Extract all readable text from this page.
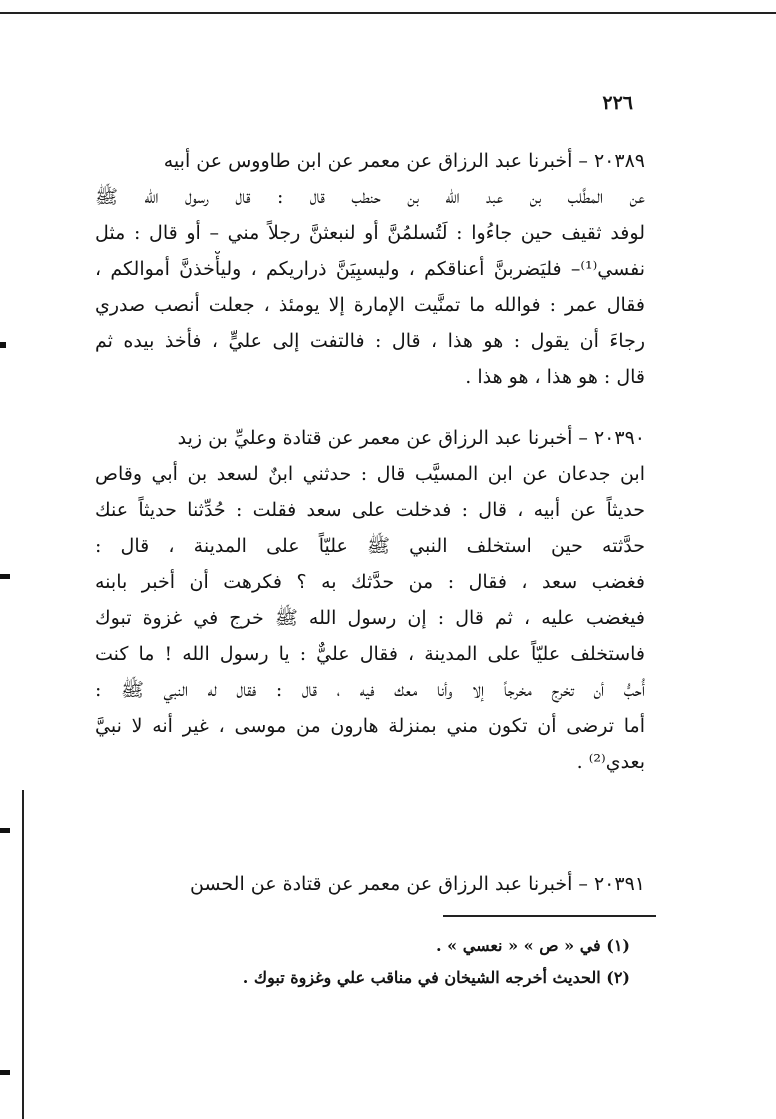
٢٢٦
٢٠٣٨٩ – أخبرنا عبد الرزاق عن معمر عن ابن طاووس عن أبيه
عن المطَّلب بن عبد الله بن حنطب قال : قال رسول الله ﷺ
لوفد ثقيف حين جاءُوا : لَتُسلمُنَّ أو لنبعثنَّ رجلاً مني – أو قال : مثل
نفسي⁽¹⁾– فليَضربنَّ أعناقكم ، وليسبِيَنَّ ذراريكم ، وليأْخذنَّ أموالكم ،
فقال عمر : فوالله ما تمنَّيت الإمارة إلا يومئذ ، جعلت أنصب صدري
رجاءَ أن يقول : هو هذا ، قال : فالتفت إلى عليٍّ ، فأخذ بيده ثم
قال : هو هذا ، هو هذا .
٢٠٣٩٠ – أخبرنا عبد الرزاق عن معمر عن قتادة وعليِّ بن زيد
ابن جدعان عن ابن المسيَّب قال : حدثني ابنٌ لسعد بن أبي وقاص
حديثاً عن أبيه ، قال : فدخلت على سعد فقلت : حُدِّثنا حديثاً عنك
حدَّثته حين استخلف النبي ﷺ عليّاً على المدينة ، قال :
فغضب سعد ، فقال : من حدَّثك به ؟ فكرهت أن أخبر بابنه
فيغضب عليه ، ثم قال : إن رسول الله ﷺ خرج في غزوة تبوك
فاستخلف عليّاً على المدينة ، فقال عليٌّ : يا رسول الله ! ما كنت
أُحبُّ أن تخرج مخرجاً إلا وأنا معك فيه ، قال : فقال له النبي ﷺ :
أما ترضى أن تكون مني بمنزلة هارون من موسى ، غير أنه لا نبيَّ
بعدي⁽²⁾ .
٢٠٣٩١ – أخبرنا عبد الرزاق عن معمر عن قتادة عن الحسن
(١) في « ص » « نعسي » .
(٢) الحديث أخرجه الشيخان في مناقب علي وغزوة تبوك .
